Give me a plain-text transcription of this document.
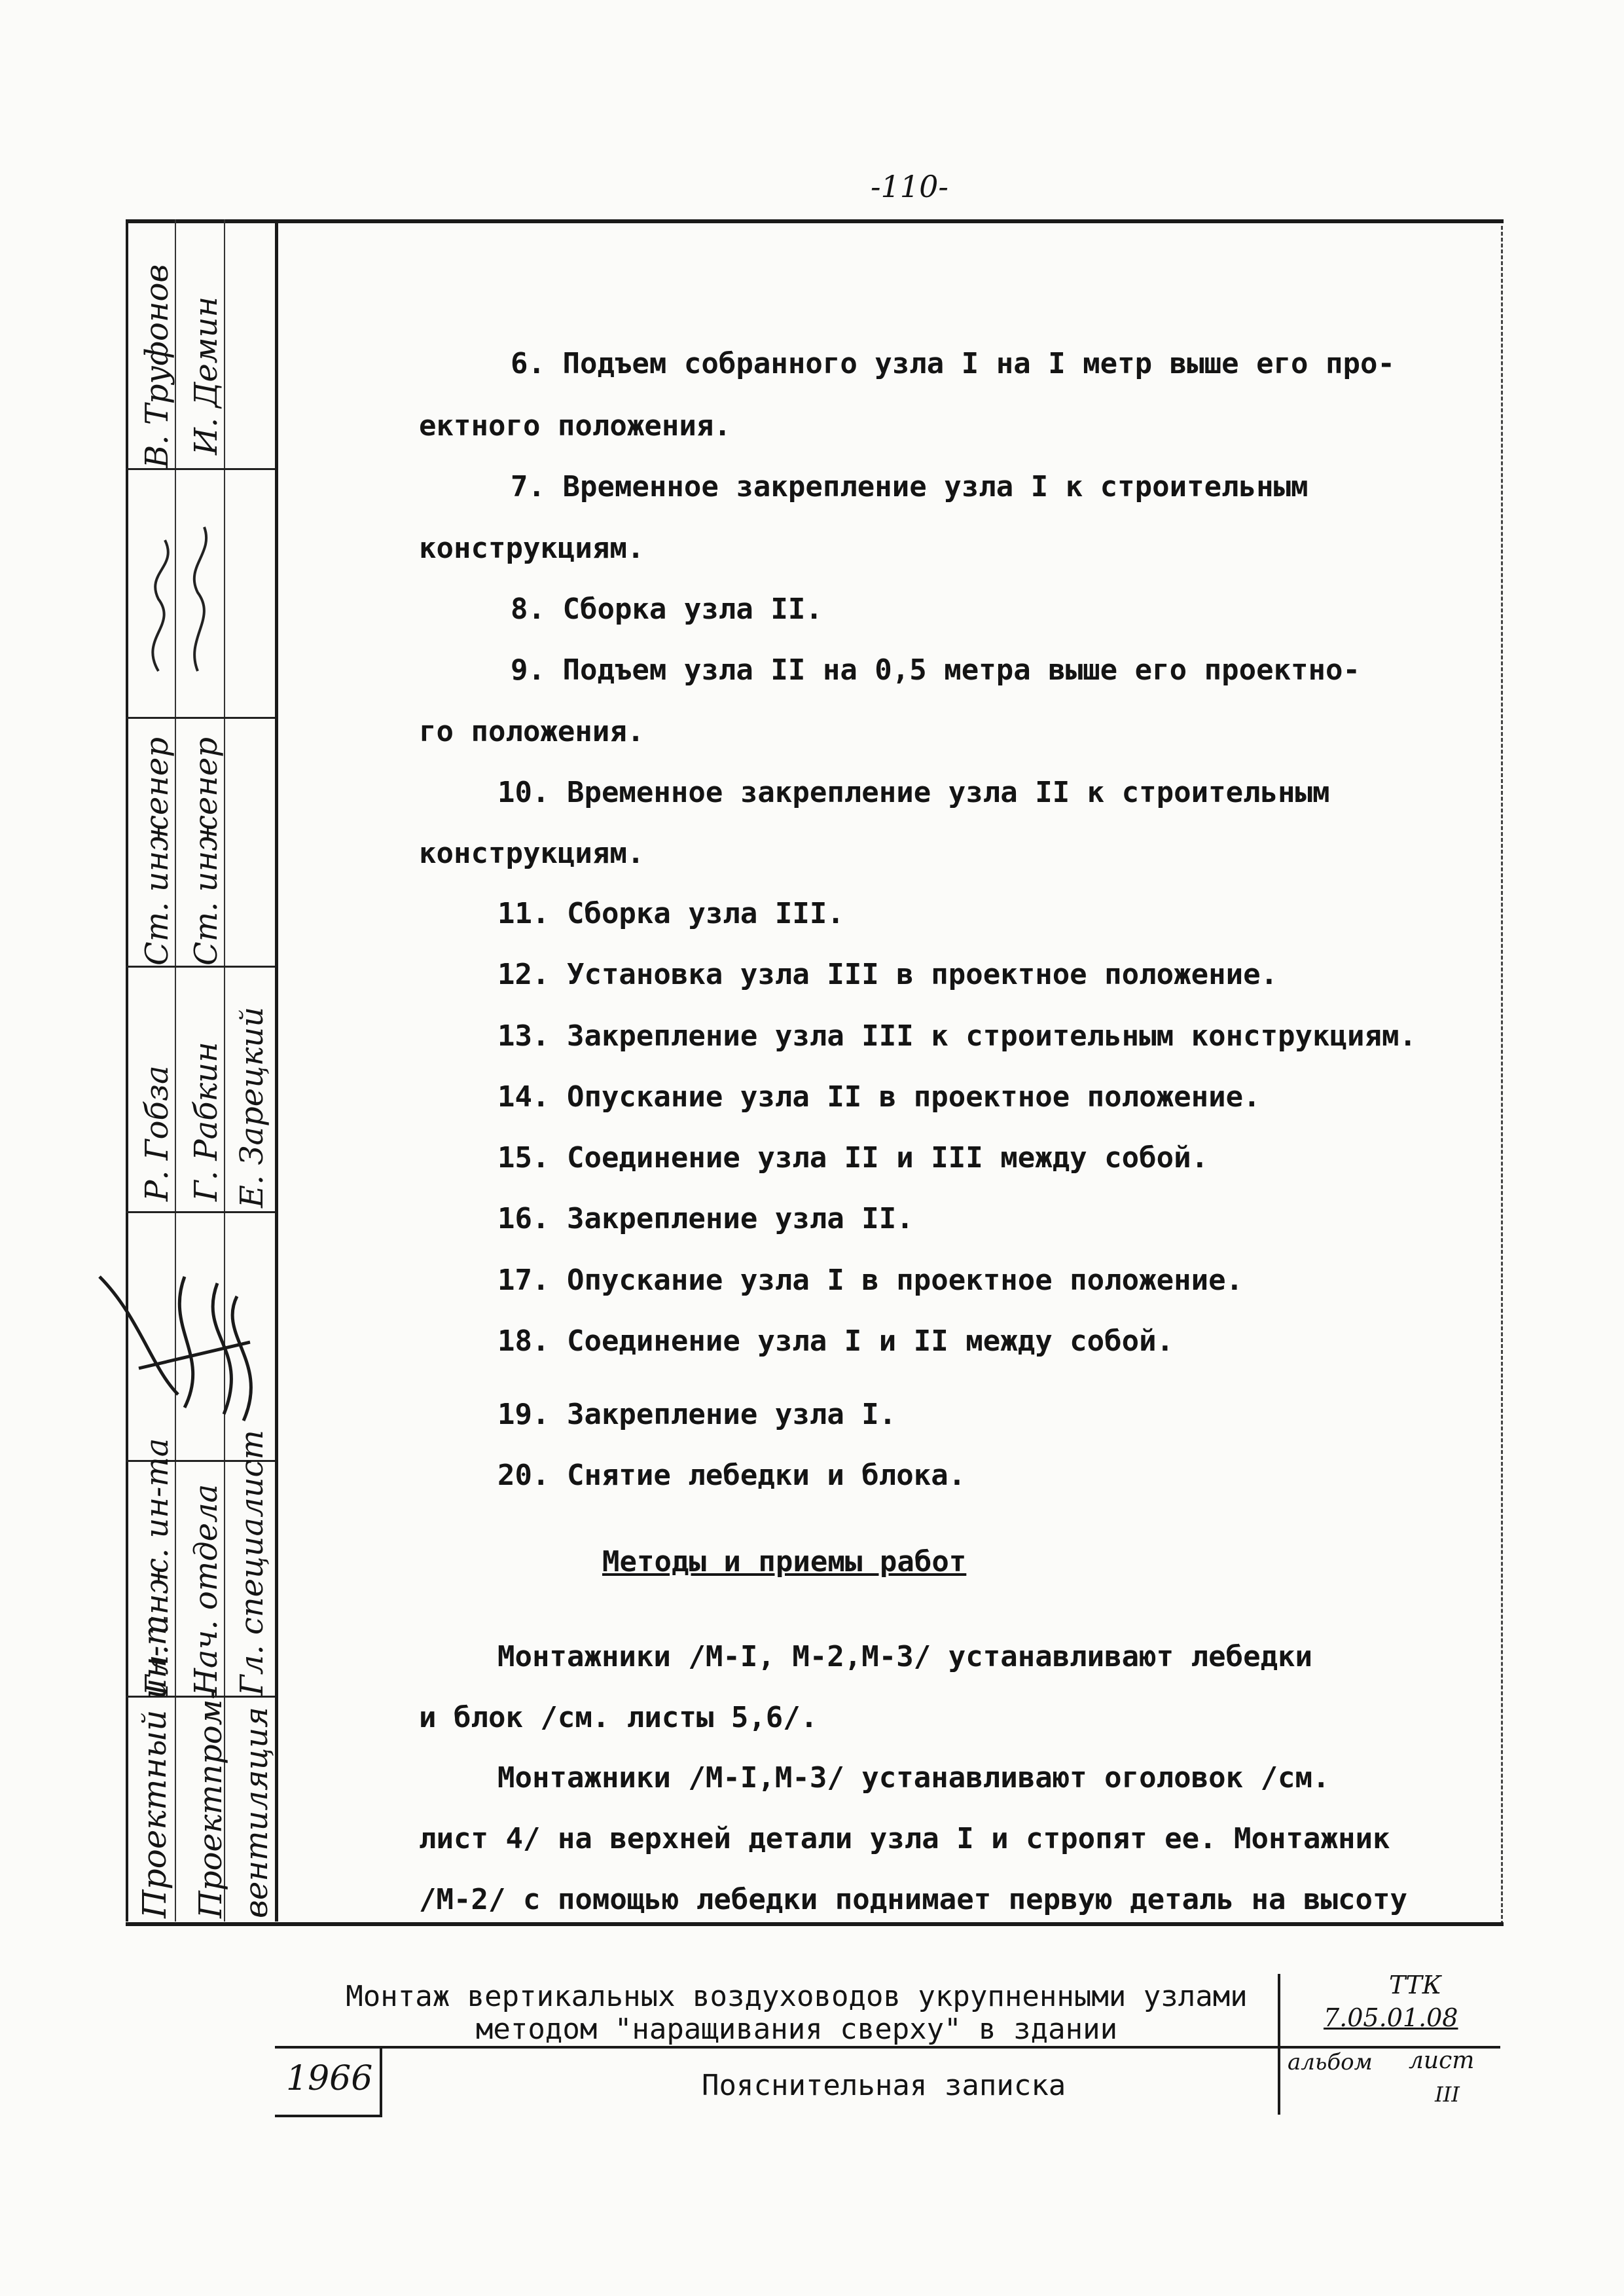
-110-
В. Труфонов И. Демин
Ст. инженер Ст. инженер
Р. Гобза Г. Рабкин Е. Зарецкий
Гл. инж. ин-та Нач. отдела Гл. специалист
Проектный ин-т Проектпром- вентиляция
6. Подъем собранного узла I на I метр выше его про-
ектного положения.
7. Временное закрепление узла I к строительным
конструкциям.
8. Сборка узла II.
9. Подъем узла II на 0,5 метра выше его проектно-
го положения.
10. Временное закрепление узла II к строительным
конструкциям.
11. Сборка узла III.
12. Установка узла III в проектное положение.
13. Закрепление узла III к строительным конструкциям.
14. Опускание узла II в проектное положение.
15. Соединение узла II и III между собой.
16. Закрепление узла II.
17. Опускание узла I в проектное положение.
18. Соединение узла I и II между собой.
19. Закрепление узла I.
20. Снятие лебедки и блока.
Методы и приемы работ
Монтажники /М-I, М-2,М-3/ устанавливают лебедки
и блок /см. листы 5,6/.
Монтажники /М-I,М-3/ устанавливают оголовок /см.
лист 4/ на верхней детали узла I и стропят ее. Монтажник
/М-2/ с помощью лебедки поднимает первую деталь на высоту
Монтаж вертикальных воздуховодов укрупненными узлами методом "наращивания сверху" в здании
Пояснительная записка
1966
ТТК
7.05.01.08
альбом лист
III
